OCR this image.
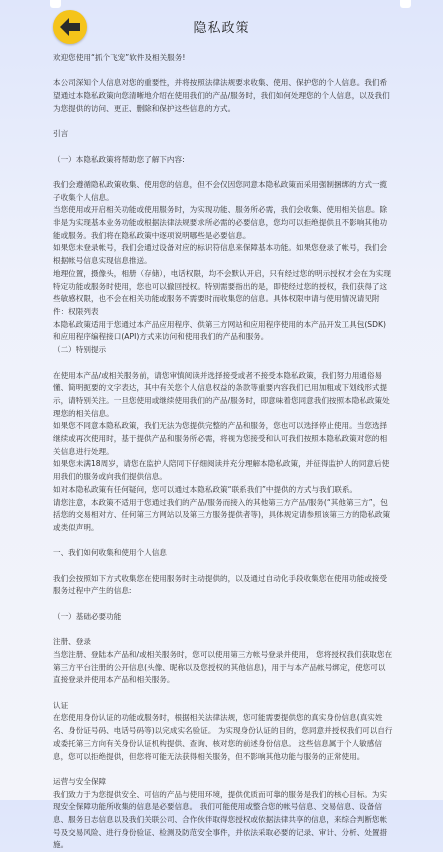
隐私政策

欢迎您使用“抓个飞宠”软件及相关服务!

本公司深知个人信息对您的重要性，并将按照法律法规要求收集、使用、保护您的个人信息。我们希望通过本隐私政策向您清晰地介绍在使用我们的产品/服务时，我们如何处理您的个人信息，以及我们为您提供的访问、更正、删除和保护这些信息的方式。

引言

（一）本隐私政策将帮助您了解下内容:

我们会遵循隐私政策收集、使用您的信息，但不会仅因您同意本隐私政策而采用强制捆绑的方式一揽子收集个人信息。

当您使用或开启相关功能或使用服务时，为实现功能、服务所必需，我们会收集、使用相关信息。除非是为实现基本业务功能或根据法律法规要求所必需的必要信息，您均可以拒绝提供且不影响其他功能或服务。我们将在隐私政策中逐项说明哪些是必要信息。

如果您未登录帐号，我们会通过设备对应的标识符信息来保障基本功能。如果您登录了帐号，我们会根据帐号信息实现信息推送。

地理位置，摄像头，相册（存储），电话权限，均不会默认开启，只有经过您的明示授权才会在为实现特定功能或服务时使用，您也可以撤回授权。特别需要指出的是，即使经过您的授权，我们获得了这些敏感权限，也不会在相关功能或服务不需要时而收集您的信息。具体权限申请与使用情况请见附件：权限列表

本隐私政策适用于您通过本产品应用程序、供第三方网站和应用程序使用的本产品开发工具包(SDK)和应用程序编程接口(API)方式来访问和使用我们的产品和服务。

（二）特别提示

在使用本产品/或相关服务前，请您审慎阅读并选择接受或者不接受本隐私政策，我们努力用通俗易懂、简明扼要的文字表达，其中有关您个人信息权益的条款等重要内容我们已用加粗或下划线形式提示，请特别关注。一旦您使用或继续使用我们的产品/服务时，即意味着您同意我们按照本隐私政策处理您的相关信息。

如果您不同意本隐私政策，我们无法为您提供完整的产品和服务，您也可以选择停止使用。当您选择继续或再次使用时，基于提供产品和服务所必需，将视为您接受和认可我们按照本隐私政策对您的相关信息进行处理。

如果您未满18周岁，请您在监护人陪同下仔细阅读并充分理解本隐私政策，并征得监护人的同意后使用我们的服务或向我们提供信息。

如对本隐私政策有任何疑问，您可以通过本隐私政策“联系我们”中提供的方式与我们联系。

请您注意，本政策不适用于您通过我们的产品/服务而接入的其他第三方产品/服务(“其他第三方”，包括您的交易相对方、任何第三方网站以及第三方服务提供者等)，具体规定请参照该第三方的隐私政策或类似声明。

一、我们如何收集和使用个人信息

我们会按照如下方式收集您在使用服务时主动提供的，以及通过自动化手段收集您在使用功能或接受服务过程中产生的信息:

（一）基础必要功能

注册、登录

当您注册、登陆本产品和/或相关服务时，您可以使用第三方帐号登录并使用， 您将授权我们获取您在第三方平台注册的公开信息(头像、昵称以及您授权的其他信息)，用于与本产品帐号绑定，使您可以直接登录并使用本产品和相关服务。

认证

在您使用身份认证的功能或服务时，根据相关法律法规，您可能需要提供您的真实身份信息(真实姓名、身份证号码、电话号码等)以完成实名验证。 为实现身份认证的目的，您同意并授权我们可以自行或委托第三方向有关身份认证机构提供、查询、核对您的前述身份信息。 这些信息属于个人敏感信息，您可以拒绝提供，但您将可能无法获得相关服务，但不影响其他功能与服务的正常使用。

运营与安全保障

我们致力于为您提供安全、可信的产品与使用环境，提供优质而可靠的服务是我们的核心目标。为实现安全保障功能所收集的信息是必要信息。 我们可能使用或整合您的帐号信息、交易信息、设备信息、服务日志信息以及我们关联公司、合作伙伴取得您授权或依据法律共享的信息，来综合判断您帐号及交易风险、进行身份验证、检测及防范安全事件，并依法采取必要的记录、审计、分析、处置措施。
